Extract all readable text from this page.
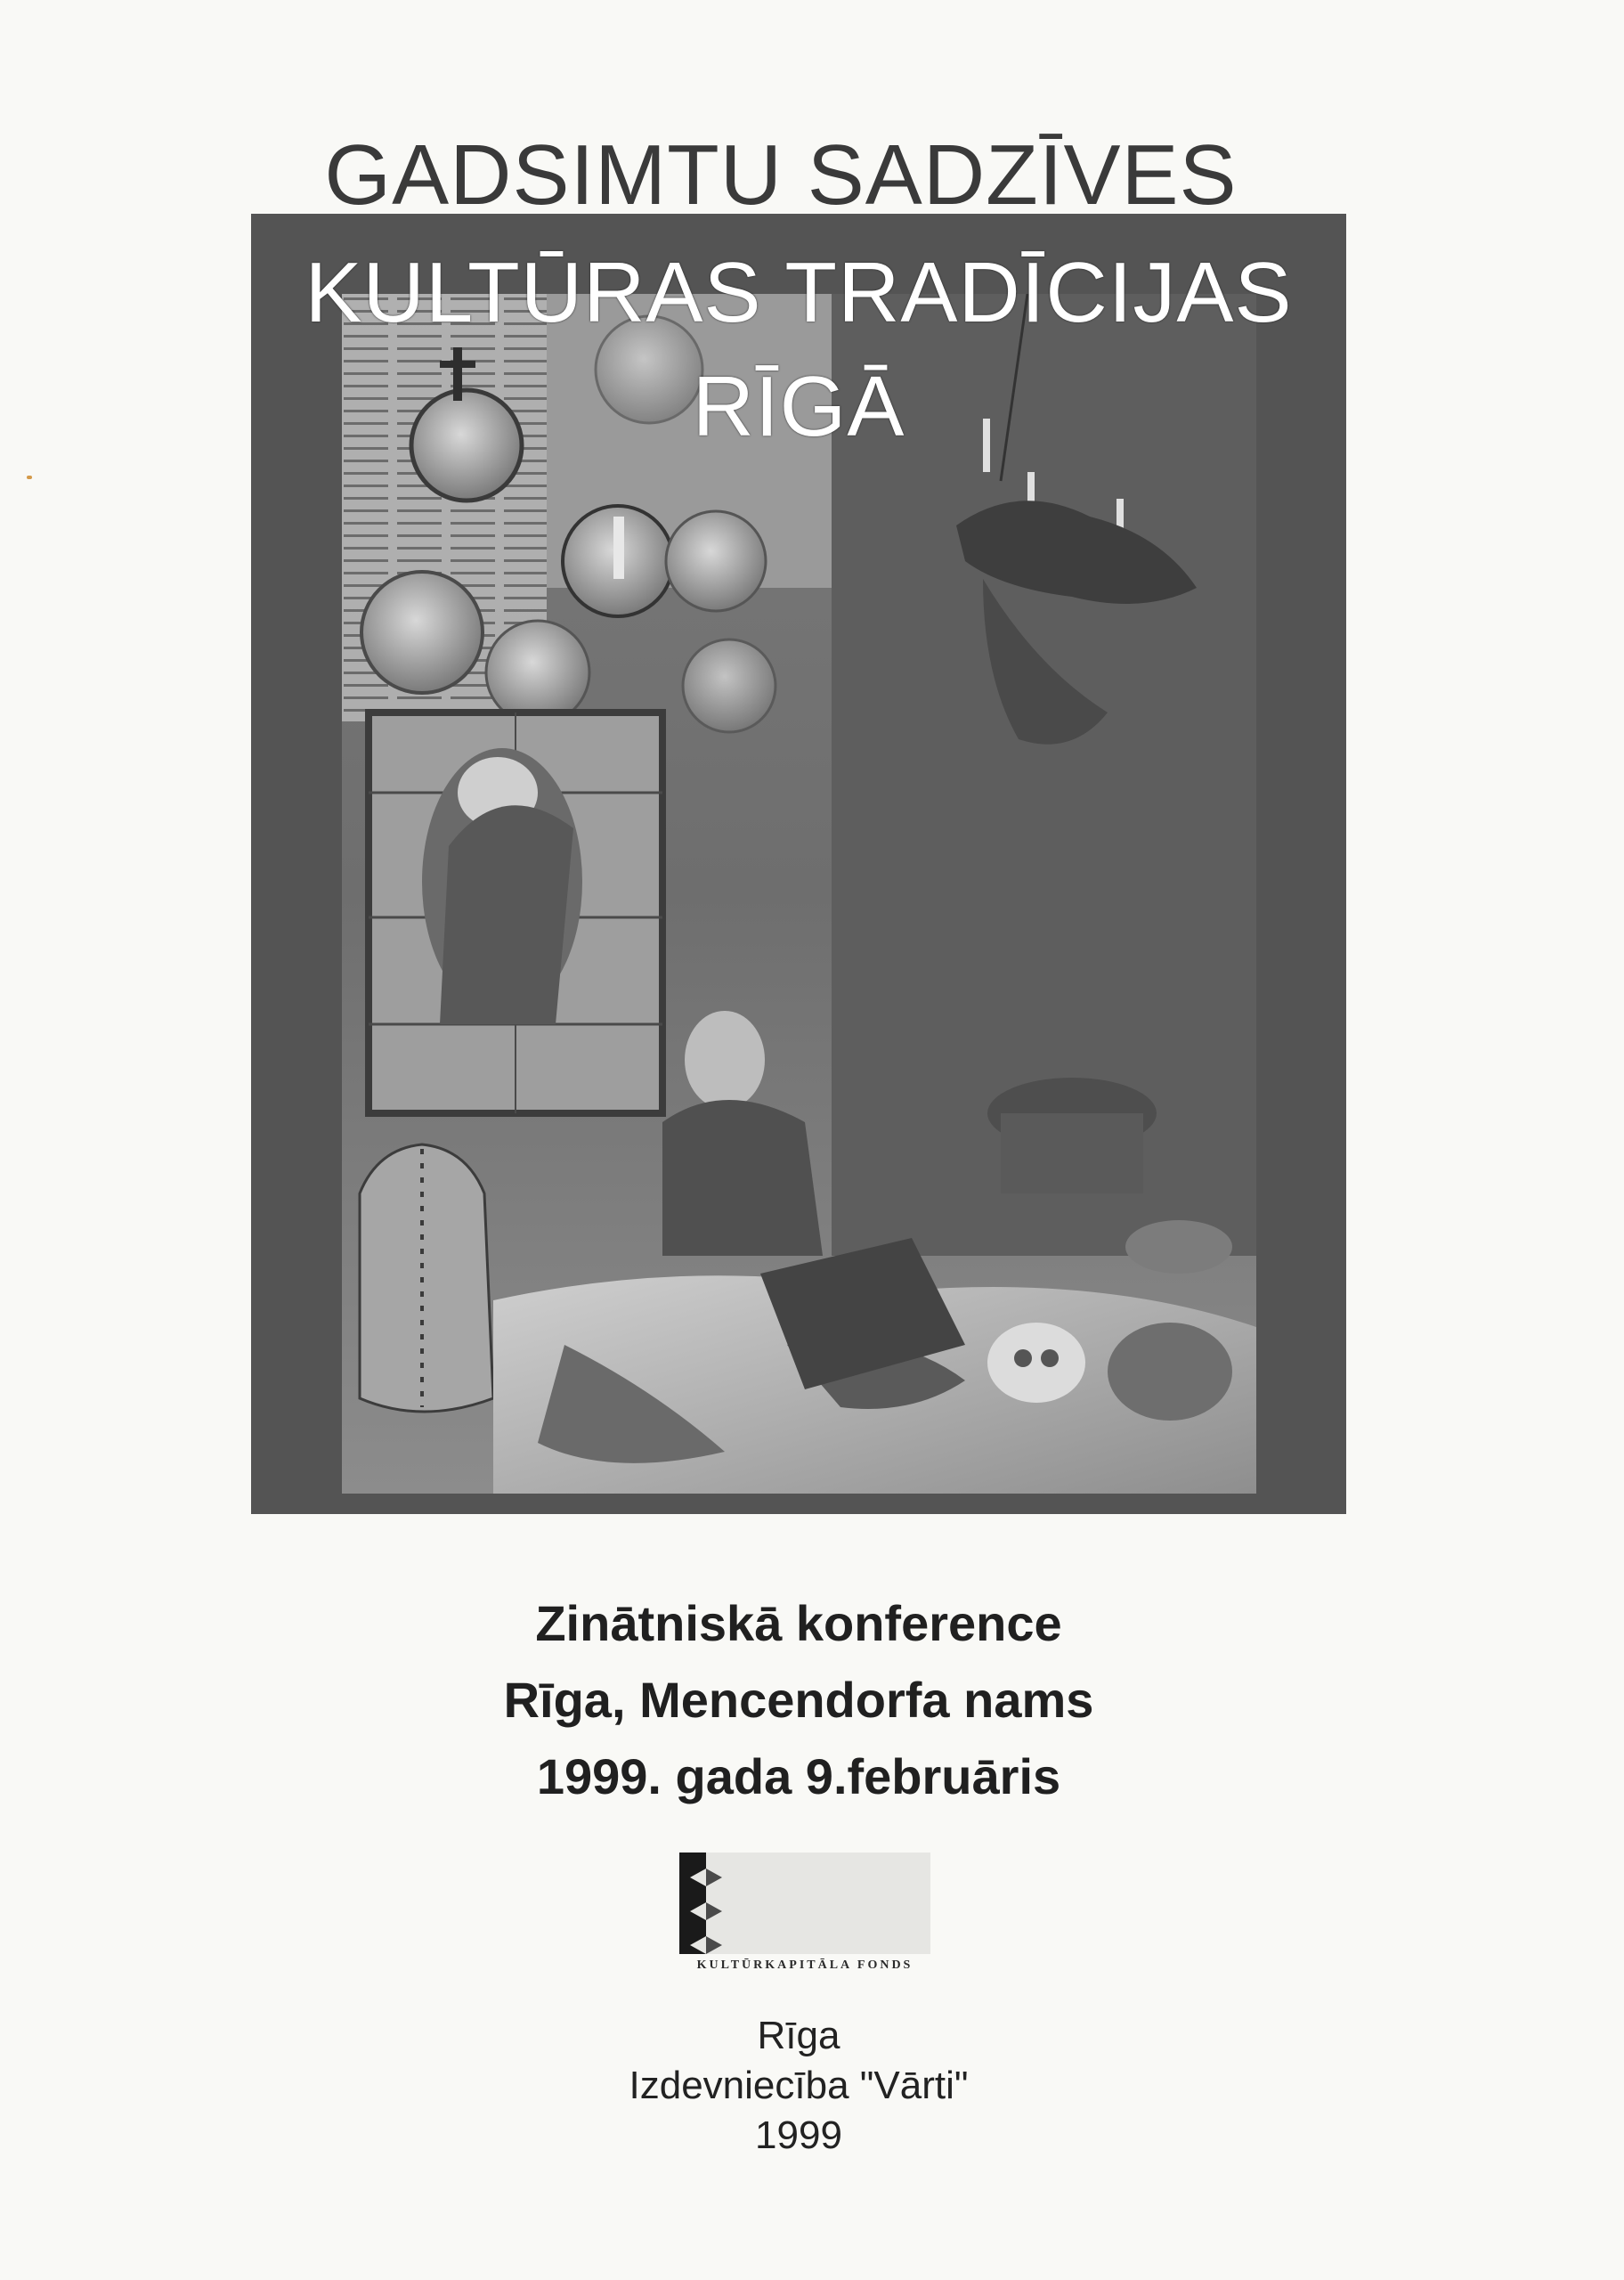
GADSIMTU SADZĪVES
KULTŪRAS TRADĪCIJAS
RĪGĀ
Zinātniskā konference
Rīga, Mencendorfa nams
1999. gada 9.februāris
KULTŪRKAPITĀLA FONDS
Rīga
Izdevniecība "Vārti"
1999
